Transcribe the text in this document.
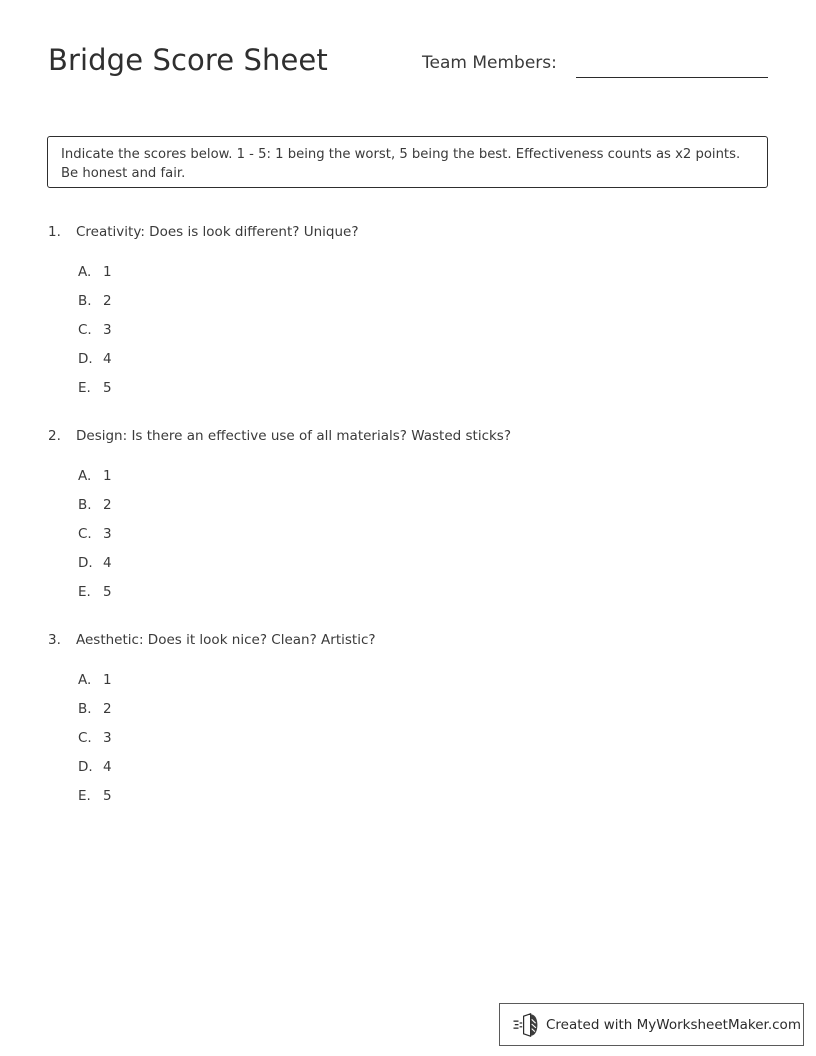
Bridge Score Sheet	Team Members:

Indicate the scores below. 1 - 5: 1 being the worst, 5 being the best. Effectiveness counts as x2 points. Be honest and fair.

1. Creativity: Does is look different? Unique?
A. 1
B. 2
C. 3
D. 4
E. 5
2. Design: Is there an effective use of all materials? Wasted sticks?
A. 1
B. 2
C. 3
D. 4
E. 5
3. Aesthetic: Does it look nice? Clean? Artistic?
A. 1
B. 2
C. 3
D. 4
E. 5
Created with MyWorksheetMaker.com
